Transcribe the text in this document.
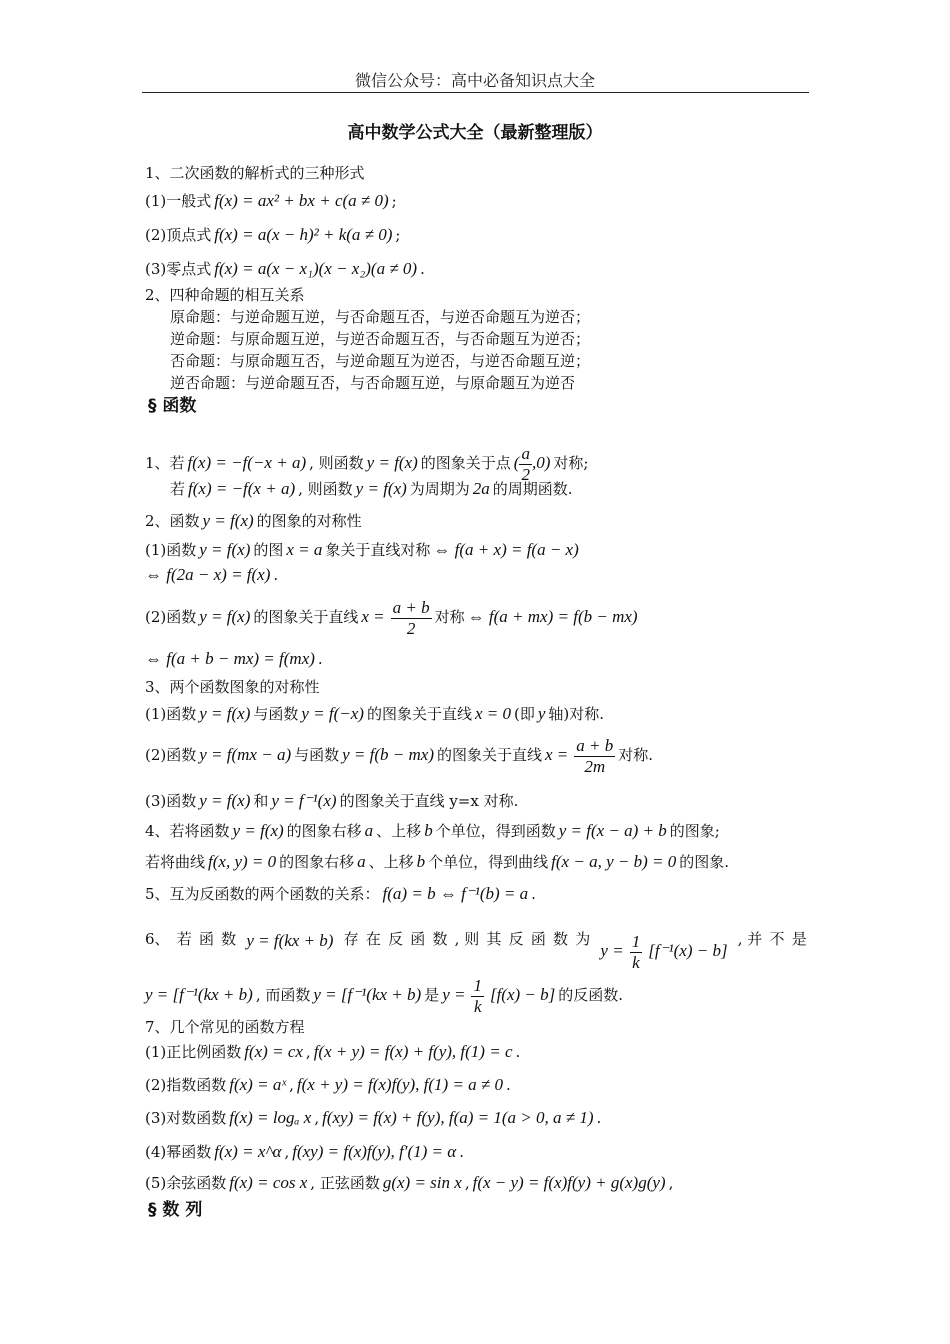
微信公众号：高中必备知识点大全
高中数学公式大全（最新整理版）
1、二次函数的解析式的三种形式
(1)一般式 f(x) = ax² + bx + c(a ≠ 0) ;
(2)顶点式 f(x) = a(x − h)² + k(a ≠ 0) ;
(3)零点式 f(x) = a(x − x₁)(x − x₂)(a ≠ 0) .
2、四种命题的相互关系
原命题：与逆命题互逆，与否命题互否，与逆否命题互为逆否；
逆命题：与原命题互逆，与逆否命题互否，与否命题互为逆否；
否命题：与原命题互否，与逆命题互为逆否，与逆否命题互逆；
逆否命题：与逆命题互否，与否命题互逆，与原命题互为逆否
§ 函数
1、若 f(x) = −f(−x + a) , 则函数 y = f(x) 的图象关于点 ( $\frac{a}{2} ,0$) 对称;
若 f(x) = −f(x + a) , 则函数 y = f(x) 为周期为 2a 的周期函数.
2、函数 y = f(x) 的图象的对称性
(1)函数 y = f(x) 的图 x = a 象关于直线对称 ⇔ f(a + x) = f(a − x)
⇔ f(2a − x) = f(x) .
(2)函数 y = f(x) 的图象关于直线 $x = \frac{a + b}{2}$ 对称 ⇔ f(a + mx) = f(b − mx)
⇔ f(a + b − mx) = f(mx) .
3、两个函数图象的对称性
(1)函数 y = f(x) 与函数 y = f(−x) 的图象关于直线 x = 0 (即 y 轴)对称.
(2)函数 y = f(mx − a) 与函数 y = f(b − mx) 的图象关于直线 $x = \frac{a + b}{2m}$ 对称.
(3)函数 y = f(x) 和 y = f⁻¹(x) 的图象关于直线 y=x 对称.
4、若将函数 y = f(x) 的图象右移 a 、上移 b 个单位，得到函数 y = f(x − a) + b 的图象;
若将曲线 f(x, y) = 0 的图象右移 a 、上移 b 个单位，得到曲线 f(x − a, y − b) = 0 的图象.
5、互为反函数的两个函数的关系： f(a) = b ⇔ f⁻¹(b) = a .
6、 若 函 数 y = f(kx + b) 存 在 反 函 数 , 则 其 反 函 数 为
$y = \frac{1}{k} [f^{-1}(x) - b]$
, 并 不 是
y = [f⁻¹(kx + b) , 而函数 y = [f⁻¹(kx + b) 是 $y = \frac{1}{k} [f(x) - b]$ 的反函数.
7、几个常见的函数方程
(1)正比例函数 f(x) = cx , f(x + y) = f(x) + f(y), f(1) = c .
(2)指数函数 f(x) = aˣ , f(x + y) = f(x)f(y), f(1) = a ≠ 0 .
(3)对数函数 f(x) = logₐ x , f(xy) = f(x) + f(y), f(a) = 1(a > 0, a ≠ 1) .
(4)幂函数 f(x) = x^α , f(xy) = f(x)f(y), f′(1) = α .
(5)余弦函数 f(x) = cos x , 正弦函数 g(x) = sin x , f(x − y) = f(x)f(y) + g(x)g(y) ,
§ 数 列
